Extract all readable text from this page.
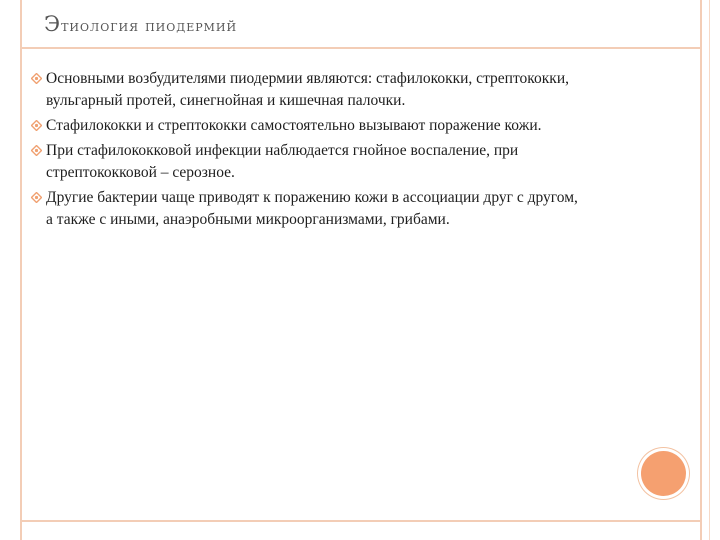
Этиология пиодермий
Основными возбудителями пиодермии являются: стафилококки, стрептококки, вульгарный протей, синегнойная и кишечная палочки.
Стафилококки и стрептококки самостоятельно вызывают поражение кожи.
При стафилококковой инфекции наблюдается гнойное воспаление, при стрептококковой – серозное.
Другие бактерии чаще приводят к поражению кожи в ассоциации друг с другом, а также с иными, анаэробными микроорганизмами, грибами.
